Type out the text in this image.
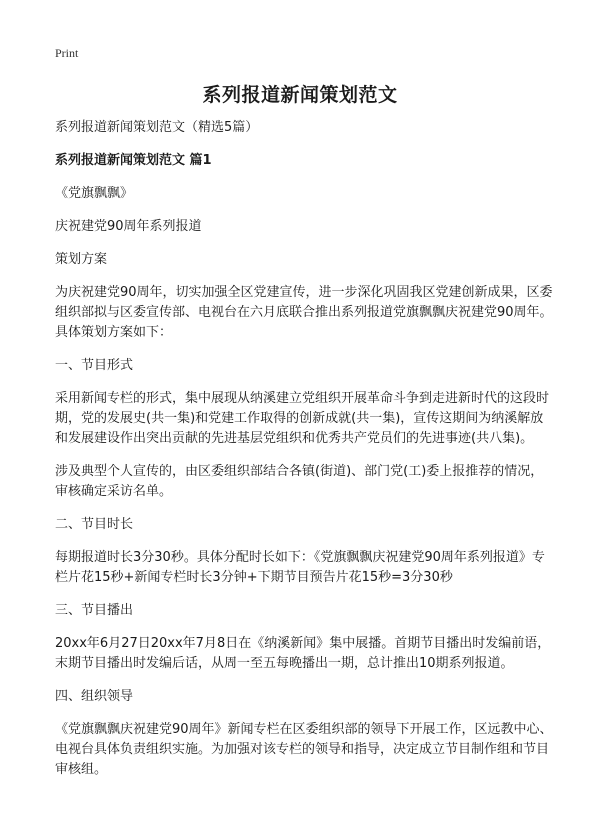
Print
系列报道新闻策划范文

系列报道新闻策划范文（精选5篇）

系列报道新闻策划范文 篇1

《党旗飘飘》

庆祝建党90周年系列报道

策划方案

为庆祝建党90周年，切实加强全区党建宣传，进一步深化巩固我区党建创新成果，区委组织部拟与区委宣传部、电视台在六月底联合推出系列报道党旗飘飘庆祝建党90周年。具体策划方案如下：

一、节目形式

采用新闻专栏的形式，集中展现从纳溪建立党组织开展革命斗争到走进新时代的这段时期，党的发展史(共一集)和党建工作取得的创新成就(共一集)，宣传这期间为纳溪解放和发展建设作出突出贡献的先进基层党组织和优秀共产党员们的先进事迹(共八集)。

涉及典型个人宣传的，由区委组织部结合各镇(街道)、部门党(工)委上报推荐的情况，审核确定采访名单。

二、节目时长

每期报道时长3分30秒。具体分配时长如下：《党旗飘飘庆祝建党90周年系列报道》专栏片花15秒+新闻专栏时长3分钟+下期节目预告片花15秒=3分30秒

三、节目播出

20xx年6月27日20xx年7月8日在《纳溪新闻》集中展播。首期节目播出时发编前语，末期节目播出时发编后话，从周一至五每晚播出一期，总计推出10期系列报道。

四、组织领导

《党旗飘飘庆祝建党90周年》新闻专栏在区委组织部的领导下开展工作，区远教中心、电视台具体负责组织实施。为加强对该专栏的领导和指导，决定成立节目制作组和节目审核组。
